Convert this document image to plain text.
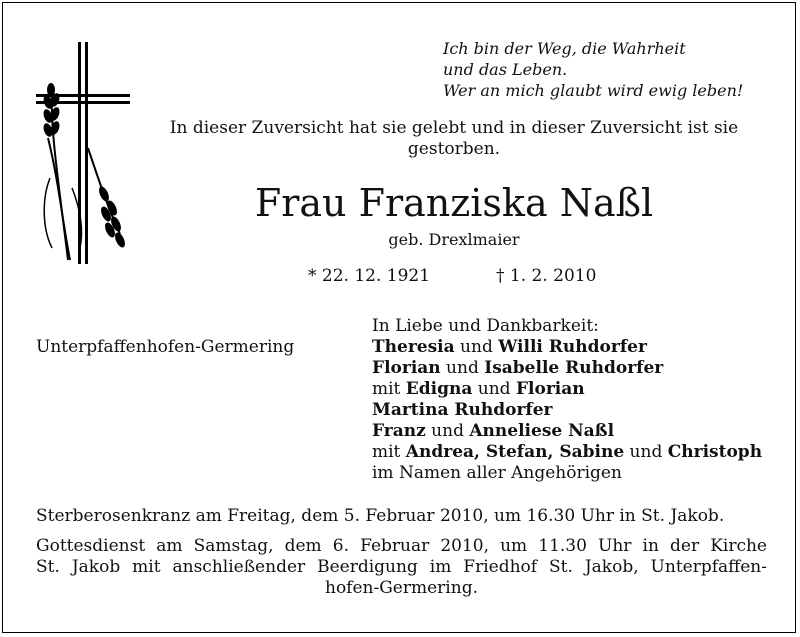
Ich bin der Weg, die Wahrheit
und das Leben.
Wer an mich glaubt wird ewig leben!
In dieser Zuversicht hat sie gelebt und in dieser Zuversicht ist sie gestorben.
Frau Franziska Naßl
geb. Drexlmaier
* 22. 12. 1921	† 1. 2. 2010
Unterpfaffenhofen-Germering
In Liebe und Dankbarkeit:
Theresia und Willi Ruhdorfer
Florian und Isabelle Ruhdorfer
mit Edigna und Florian
Martina Ruhdorfer
Franz und Anneliese Naßl
mit Andrea, Stefan, Sabine und Christoph
im Namen aller Angehörigen
Sterberosenkranz am Freitag, dem 5. Februar 2010, um 16.30 Uhr in St. Jakob.
Gottesdienst am Samstag, dem 6. Februar 2010, um 11.30 Uhr in der Kirche
St. Jakob mit anschließender Beerdigung im Friedhof St. Jakob, Unterpfaffen-
hofen-Germering.
